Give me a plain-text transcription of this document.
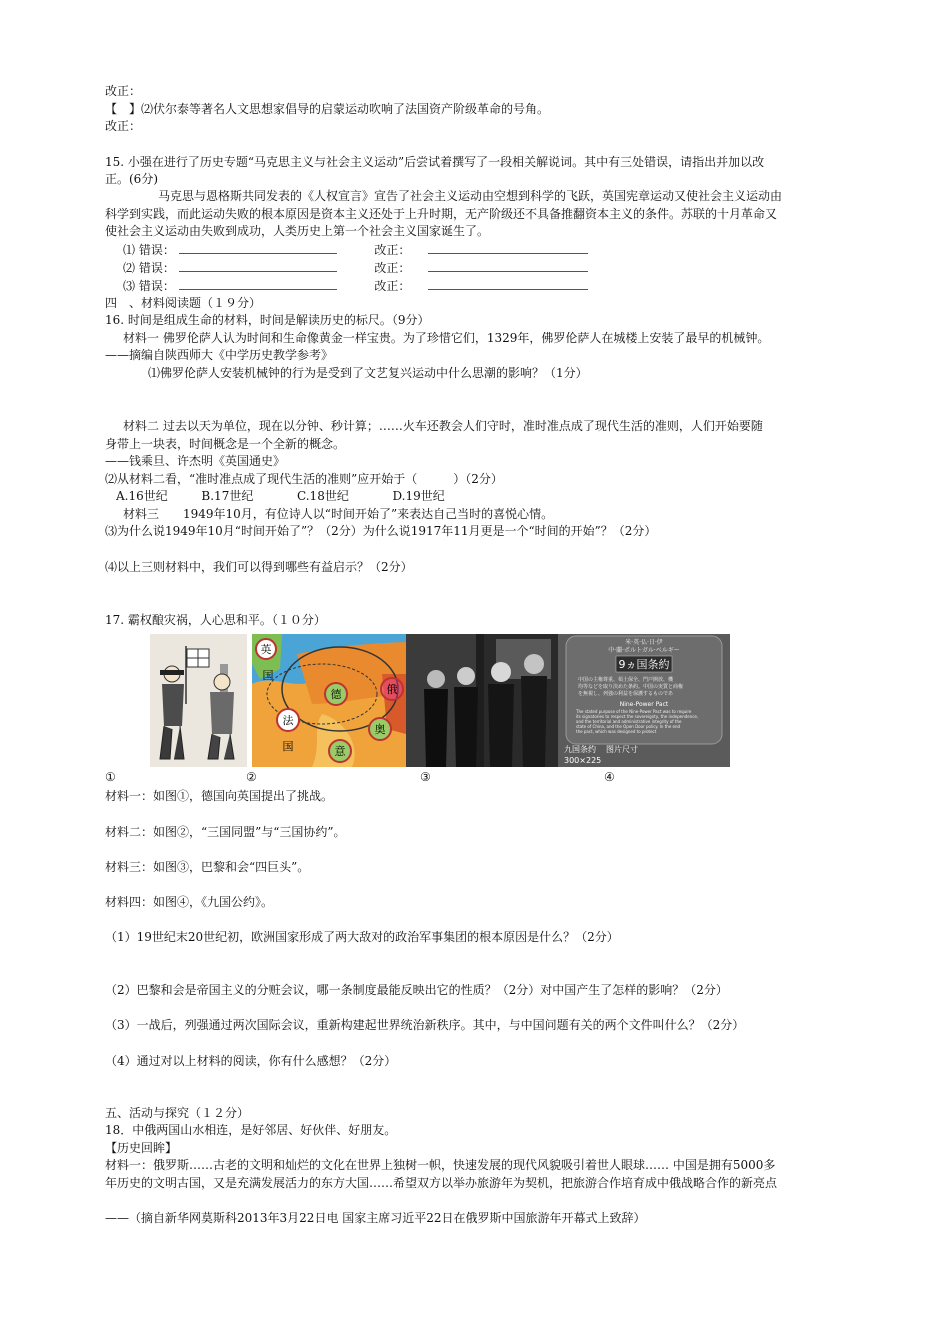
改正：
【　】⑵伏尔泰等著名人文思想家倡导的启蒙运动吹响了法国资产阶级革命的号角。
改正：
15. 小强在进行了历史专题“马克思主义与社会主义运动”后尝试着撰写了一段相关解说词。其中有三处错误，请指出并加以改
正。(6分)
马克思与恩格斯共同发表的《人权宣言》宣告了社会主义运动由空想到科学的飞跃，英国宪章运动又使社会主义运动由
科学到实践，而此运动失败的根本原因是资本主义还处于上升时期，无产阶级还不具备推翻资本主义的条件。苏联的十月革命又
使社会主义运动由失败到成功，人类历史上第一个社会主义国家诞生了。
⑴ 错误：	改正：
⑵ 错误：	改正：
⑶ 错误：	改正：
四　、材料阅读题（１９分）
16. 时间是组成生命的材料，时间是解读历史的标尺。（9分）
材料一 佛罗伦萨人认为时间和生命像黄金一样宝贵。为了珍惜它们，1329年，佛罗伦萨人在城楼上安装了最早的机械钟。
——摘编自陕西师大《中学历史教学参考》
⑴佛罗伦萨人安装机械钟的行为是受到了文艺复兴运动中什么思潮的影响？（1分）
材料二 过去以天为单位，现在以分钟、秒计算；……火车还教会人们守时，准时准点成了现代生活的准则，人们开始要随
身带上一块表，时间概念是一个全新的概念。
——钱乘旦、许杰明《英国通史》
⑵从材料二看，“准时准点成了现代生活的准则”应开始于（　　　）（2分）
A.16世纪	B.17世纪	C.18世纪	D.19世纪
材料三　　1949年10月，有位诗人以“时间开始了”来表达自己当时的喜悦心情。
⑶为什么说1949年10月“时间开始了”？（2分）为什么说1917年11月更是一个“时间的开始”？（2分）
⑷以上三则材料中，我们可以得到哪些有益启示？（2分）
17. 霸权酿灾祸，人心思和平。（１０分）
英
国
德	俄
法
国
奥
意
米·英·仏·日·伊
中·蘭·ポルトガル·ベルギー
9ヵ国条約
中国の主権尊重、領土保全、門戸開放、機
均等などを取り決めた条約。中国の実質と商権
を無視し、列強の利益を保護するものであ
Nine-Power Pact
The stated purpose of the Nine-Power Pact was to require
its signatories to respect the sovereignty, the independence,
and the territorial and administrative integrity of the
state of China, and the Open Door policy. In the end
the pact, which was designed to protect
九国条约 图片尺寸
300×225
①	②	③	④
材料一：如图①，德国向英国提出了挑战。
材料二：如图②，“三国同盟”与“三国协约”。
材料三：如图③，巴黎和会“四巨头”。
材料四：如图④，《九国公约》。
（1）19世纪末20世纪初，欧洲国家形成了两大敌对的政治军事集团的根本原因是什么？（2分）
（2）巴黎和会是帝国主义的分赃会议，哪一条制度最能反映出它的性质？（2分）对中国产生了怎样的影响？（2分）
（3）一战后，列强通过两次国际会议，重新构建起世界统治新秩序。其中，与中国问题有关的两个文件叫什么？（2分）
（4）通过对以上材料的阅读，你有什么感想？（2分）
五、活动与探究（１２分）
18．中俄两国山水相连，是好邻居、好伙伴、好朋友。
【历史回眸】
材料一：俄罗斯……古老的文明和灿烂的文化在世界上独树一帜，快速发展的现代风貌吸引着世人眼球…… 中国是拥有5000多
年历史的文明古国，又是充满发展活力的东方大国……希望双方以举办旅游年为契机，把旅游合作培育成中俄战略合作的新亮点
——（摘自新华网莫斯科2013年3月22日电 国家主席习近平22日在俄罗斯中国旅游年开幕式上致辞）
